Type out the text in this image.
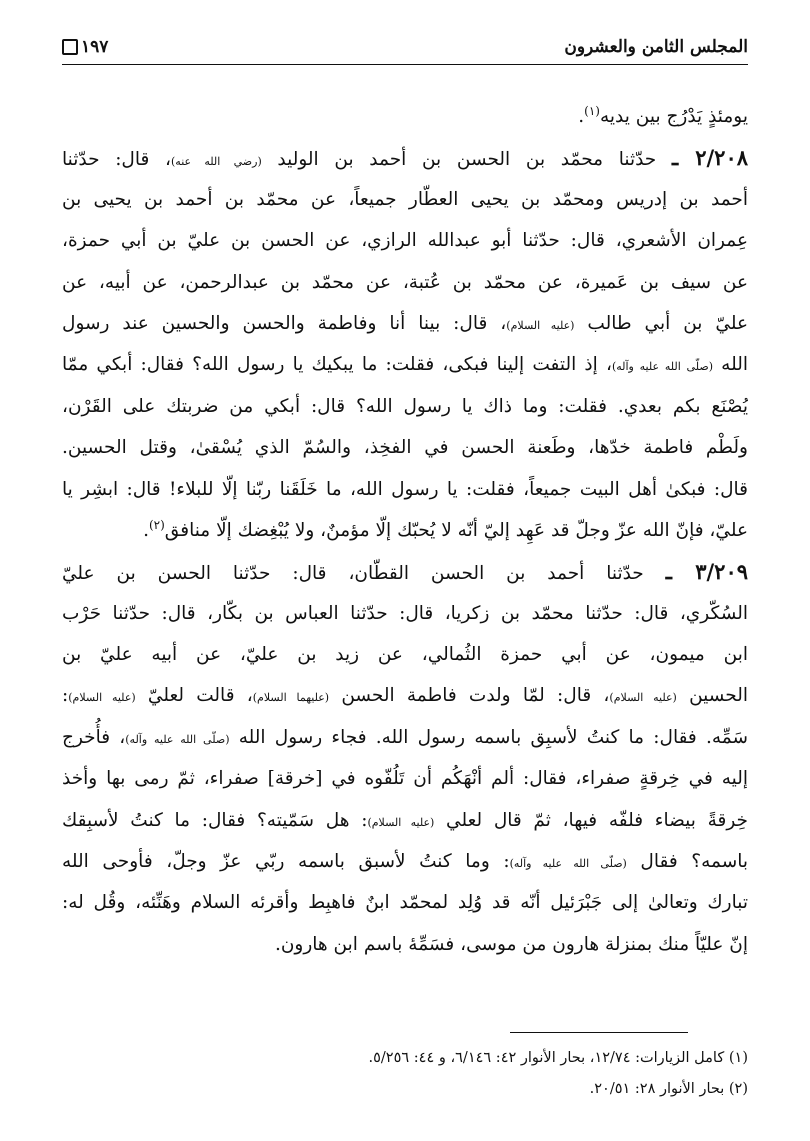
المجلس الثامن والعشرون
١٩٧
يومئذٍ يَدْرُج بين يديه$^{(١)}$.
٢/٢٠٨ ـ حدّثنا محمّد بن الحسن بن أحمد بن الوليد (رضي الله عنه)، قال: حدّثنا
أحمد بن إدريس ومحمّد بن يحيى العطّار جميعاً، عن محمّد بن أحمد بن يحيى بن
عِمران الأشعري، قال: حدّثنا أبو عبدالله الرازي، عن الحسن بن عليّ بن أبي حمزة،
عن سيف بن عَميرة، عن محمّد بن عُتبة، عن محمّد بن عبدالرحمن، عن أبيه، عن
عليّ بن أبي طالب (عليه السلام)، قال: بينا أنا وفاطمة والحسن والحسين عند رسول
الله (صلّى الله عليه وآله)، إذ التفت إلينا فبكى، فقلت: ما يبكيك يا رسول الله؟ فقال: أبكي ممّا
يُصْنَع بكم بعدي. فقلت: وما ذاك يا رسول الله؟ قال: أبكي من ضربتك على القَرْن،
ولَطْم فاطمة خدّها، وطَعنة الحسن في الفخِذ، والسُمّ الذي يُسْقىٰ، وقتل الحسين.
قال: فبكىٰ أهل البيت جميعاً، فقلت: يا رسول الله، ما خَلَقَنا ربّنا إلّا للبلاء! قال: ابشِر يا
عليّ، فإنّ الله عزّ وجلّ قد عَهِد إليّ أنّه لا يُحبّك إلّا مؤمنٌ، ولا يُبْغِضك إلّا منافق$^{(٢)}$.
٣/٢٠٩ ـ حدّثنا أحمد بن الحسن القطّان، قال: حدّثنا الحسن بن عليّ
السُكّري، قال: حدّثنا محمّد بن زكريا، قال: حدّثنا العباس بن بكّار، قال: حدّثنا حَرْب
ابن ميمون، عن أبي حمزة الثُمالي، عن زيد بن عليّ، عن أبيه عليّ بن
الحسين (عليه السلام)، قال: لمّا ولدت فاطمة الحسن (عليهما السلام)، قالت لعليّ (عليه السلام):
سَمِّه. فقال: ما كنتُ لأسبِق باسمه رسول الله. فجاء رسول الله (صلّى الله عليه وآله)، فأُخرج
إليه في خِرقةٍ صفراء، فقال: ألم أنْهَكُم أن تَلُفّوه في [خرقة] صفراء، ثمّ رمى بها وأخذ
خِرقةً بيضاء فلفّه فيها، ثمّ قال لعلي (عليه السلام): هل سَمّيته؟ فقال: ما كنتُ لأسبِقك
باسمه؟ فقال (صلّى الله عليه وآله): وما كنتُ لأسبق باسمه ربّي عزّ وجلّ، فأوحى الله
تبارك وتعالىٰ إلى جَبْرَئيل أنّه قد وُلِد لمحمّد ابنٌ فاهبِط وأقرئه السلام وهَنِّئه، وقُل له:
إنّ عليّاً منك بمنزلة هارون من موسى، فسَمِّهٔ باسم ابن هارون.
(١) كامل الزيارات: ١٢/٧٤، بحار الأنوار ٤٢: ٦/١٤٦، و ٤٤: ٥/٢٥٦.
(٢) بحار الأنوار ٢٨: ٢٠/٥١.
